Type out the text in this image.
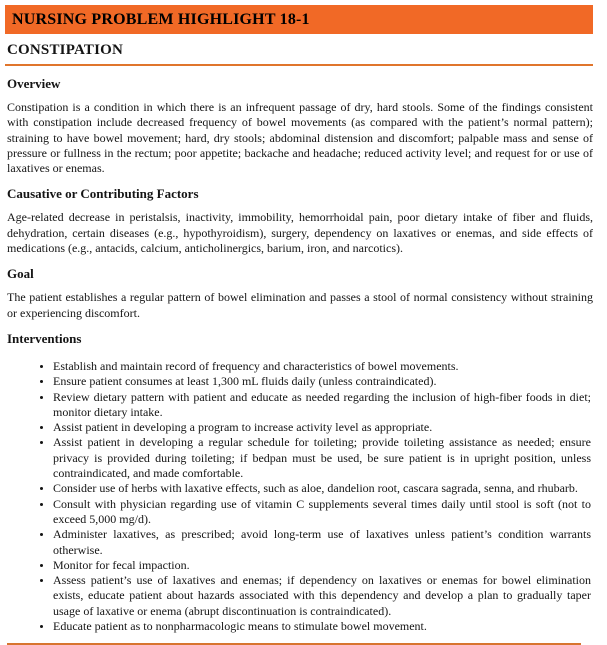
NURSING PROBLEM HIGHLIGHT 18-1
CONSTIPATION
Overview

Constipation is a condition in which there is an infrequent passage of dry, hard stools. Some of the findings consistent with constipation include decreased frequency of bowel movements (as compared with the patient’s normal pattern); straining to have bowel movement; hard, dry stools; abdominal distension and discomfort; palpable mass and sense of pressure or fullness in the rectum; poor appetite; backache and headache; reduced activity level; and request for or use of laxatives or enemas.

Causative or Contributing Factors

Age-related decrease in peristalsis, inactivity, immobility, hemorrhoidal pain, poor dietary intake of fiber and fluids, dehydration, certain diseases (e.g., hypothyroidism), surgery, dependency on laxatives or enemas, and side effects of medications (e.g., antacids, calcium, anticholinergics, barium, iron, and narcotics).

Goal

The patient establishes a regular pattern of bowel elimination and passes a stool of normal consistency without straining or experiencing discomfort.

Interventions
• Establish and maintain record of frequency and characteristics of bowel movements.
• Ensure patient consumes at least 1,300 mL fluids daily (unless contraindicated).
• Review dietary pattern with patient and educate as needed regarding the inclusion of high-fiber foods in diet; monitor dietary intake.
• Assist patient in developing a program to increase activity level as appropriate.
• Assist patient in developing a regular schedule for toileting; provide toileting assistance as needed; ensure privacy is provided during toileting; if bedpan must be used, be sure patient is in upright position, unless contraindicated, and made comfortable.
• Consider use of herbs with laxative effects, such as aloe, dandelion root, cascara sagrada, senna, and rhubarb.
• Consult with physician regarding use of vitamin C supplements several times daily until stool is soft (not to exceed 5,000 mg/d).
• Administer laxatives, as prescribed; avoid long-term use of laxatives unless patient’s condition warrants otherwise.
• Monitor for fecal impaction.
• Assess patient’s use of laxatives and enemas; if dependency on laxatives or enemas for bowel elimination exists, educate patient about hazards associated with this dependency and develop a plan to gradually taper usage of laxative or enema (abrupt discontinuation is contraindicated).
• Educate patient as to nonpharmacologic means to stimulate bowel movement.
